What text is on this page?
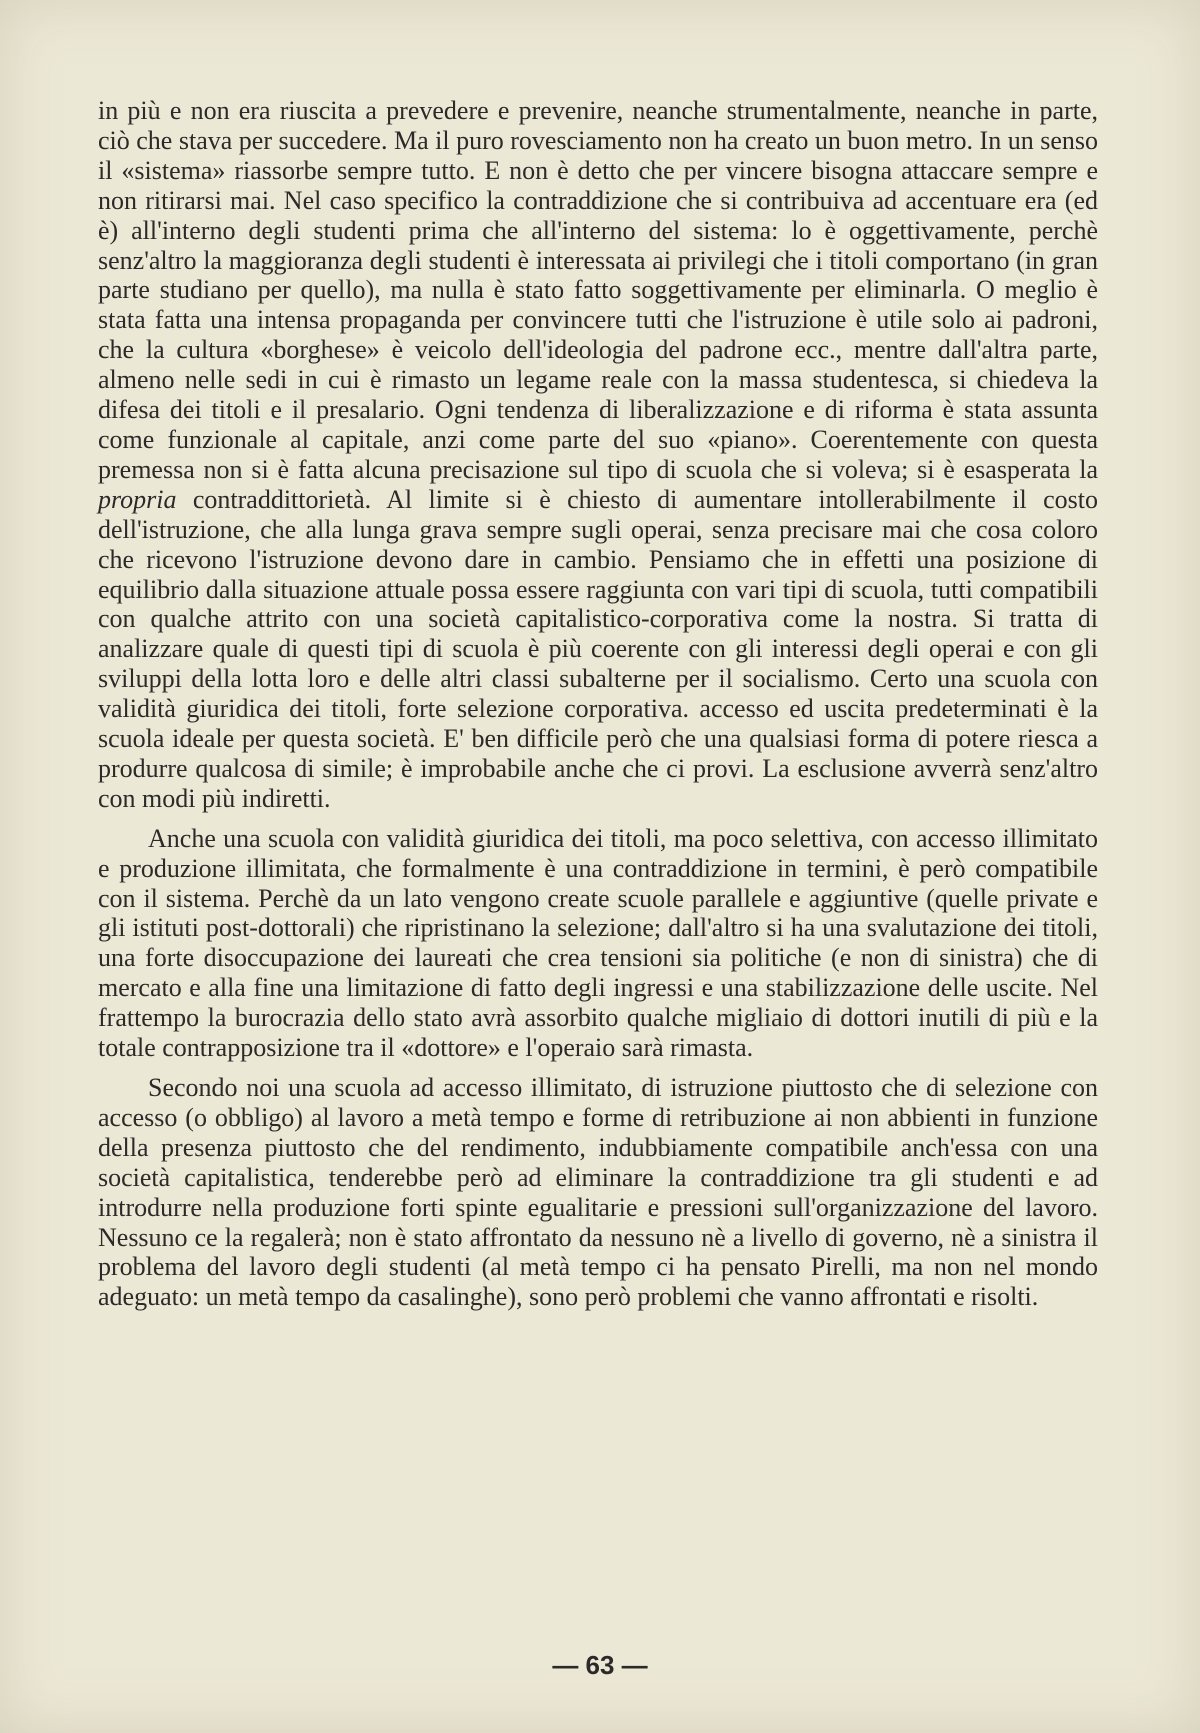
in più e non era riuscita a prevedere e prevenire, neanche strumentalmente, neanche in parte, ciò che stava per succedere. Ma il puro rovesciamento non ha creato un buon metro. In un senso il «sistema» riassorbe sempre tutto. E non è detto che per vincere bisogna attaccare sempre e non ritirarsi mai. Nel caso specifico la contraddizione che si contribuiva ad accentuare era (ed è) all'interno degli studenti prima che all'interno del sistema: lo è oggettivamente, perchè senz'altro la maggioranza degli studenti è interessata ai privilegi che i titoli comportano (in gran parte studiano per quello), ma nulla è stato fatto soggettivamente per eliminarla. O meglio è stata fatta una intensa propaganda per convincere tutti che l'istruzione è utile solo ai padroni, che la cultura «borghese» è veicolo dell'ideologia del padrone ecc., mentre dall'altra parte, almeno nelle sedi in cui è rimasto un legame reale con la massa studentesca, si chiedeva la difesa dei titoli e il presalario. Ogni tendenza di liberalizzazione e di riforma è stata assunta come funzionale al capitale, anzi come parte del suo «piano». Coerentemente con questa premessa non si è fatta alcuna precisazione sul tipo di scuola che si voleva; si è esasperata la propria contraddittorietà. Al limite si è chiesto di aumentare intollerabilmente il costo dell'istruzione, che alla lunga grava sempre sugli operai, senza precisare mai che cosa coloro che ricevono l'istruzione devono dare in cambio. Pensiamo che in effetti una posizione di equilibrio dalla situazione attuale possa essere raggiunta con vari tipi di scuola, tutti compatibili con qualche attrito con una società capitalistico-corporativa come la nostra. Si tratta di analizzare quale di questi tipi di scuola è più coerente con gli interessi degli operai e con gli sviluppi della lotta loro e delle altri classi subalterne per il socialismo. Certo una scuola con validità giuridica dei titoli, forte selezione corporativa. accesso ed uscita predeterminati è la scuola ideale per questa società. E' ben difficile però che una qualsiasi forma di potere riesca a produrre qualcosa di simile; è improbabile anche che ci provi. La esclusione avverrà senz'altro con modi più indiretti.

Anche una scuola con validità giuridica dei titoli, ma poco selettiva, con accesso illimitato e produzione illimitata, che formalmente è una contraddizione in termini, è però compatibile con il sistema. Perchè da un lato vengono create scuole parallele e aggiuntive (quelle private e gli istituti post-dottorali) che ripristinano la selezione; dall'altro si ha una svalutazione dei titoli, una forte disoccupazione dei laureati che crea tensioni sia politiche (e non di sinistra) che di mercato e alla fine una limitazione di fatto degli ingressi e una stabilizzazione delle uscite. Nel frattempo la burocrazia dello stato avrà assorbito qualche migliaio di dottori inutili di più e la totale contrapposizione tra il «dottore» e l'operaio sarà rimasta.

Secondo noi una scuola ad accesso illimitato, di istruzione piuttosto che di selezione con accesso (o obbligo) al lavoro a metà tempo e forme di retribuzione ai non abbienti in funzione della presenza piuttosto che del rendimento, indubbiamente compatibile anch'essa con una società capitalistica, tenderebbe però ad eliminare la contraddizione tra gli studenti e ad introdurre nella produzione forti spinte egualitarie e pressioni sull'organizzazione del lavoro. Nessuno ce la regalerà; non è stato affrontato da nessuno nè a livello di governo, nè a sinistra il problema del lavoro degli studenti (al metà tempo ci ha pensato Pirelli, ma non nel mondo adeguato: un metà tempo da casalinghe), sono però problemi che vanno affrontati e risolti.

— 63 —
